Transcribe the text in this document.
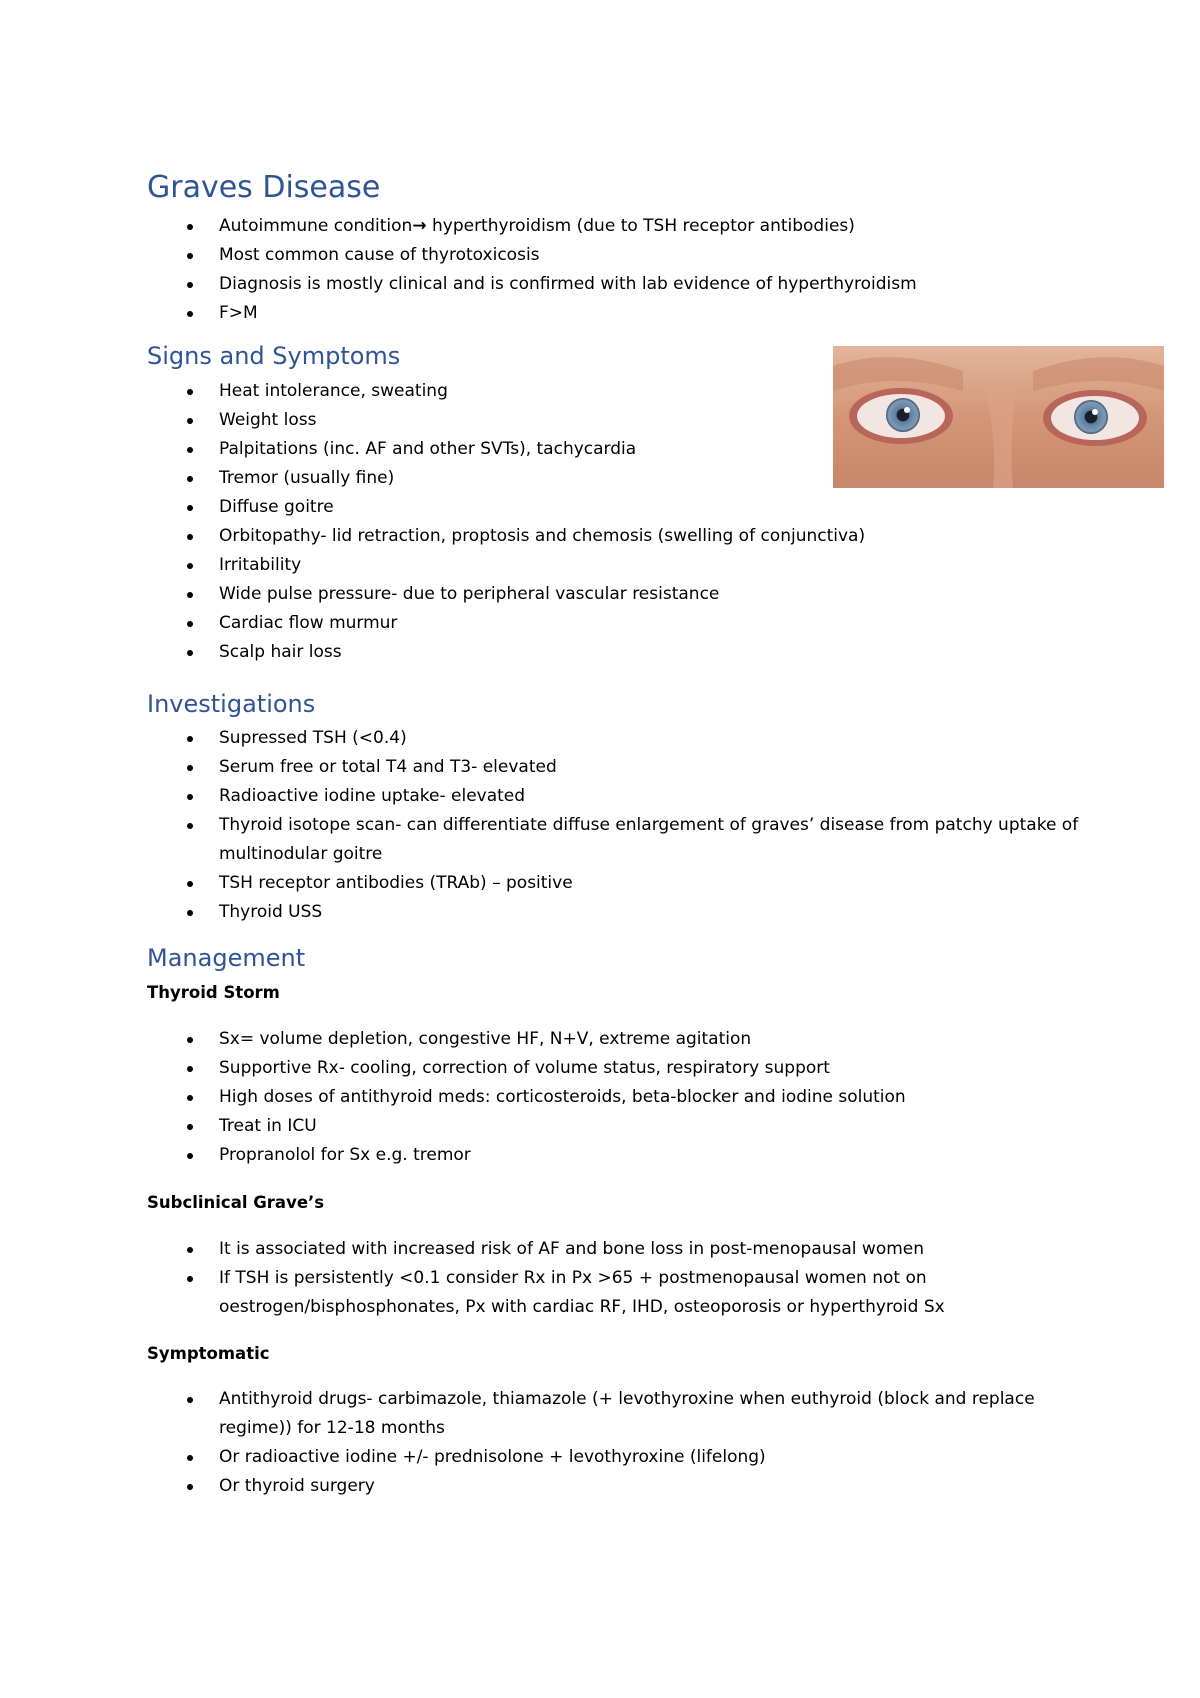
Graves Disease
Autoimmune condition→ hyperthyroidism (due to TSH receptor antibodies)
Most common cause of thyrotoxicosis
Diagnosis is mostly clinical and is confirmed with lab evidence of hyperthyroidism
F>M
Signs and Symptoms
Heat intolerance, sweating
Weight loss
Palpitations (inc. AF and other SVTs), tachycardia
Tremor (usually fine)
Diffuse goitre
Orbitopathy- lid retraction, proptosis and chemosis (swelling of conjunctiva)
Irritability
Wide pulse pressure- due to peripheral vascular resistance
Cardiac flow murmur
Scalp hair loss
Investigations
Supressed TSH (<0.4)
Serum free or total T4 and T3- elevated
Radioactive iodine uptake- elevated
Thyroid isotope scan- can differentiate diffuse enlargement of graves’ disease from patchy uptake of multinodular goitre
TSH receptor antibodies (TRAb) – positive
Thyroid USS
Management
Thyroid Storm
Sx= volume depletion, congestive HF, N+V, extreme agitation
Supportive Rx- cooling, correction of volume status, respiratory support
High doses of antithyroid meds: corticosteroids, beta-blocker and iodine solution
Treat in ICU
Propranolol for Sx e.g. tremor
Subclinical Grave’s
It is associated with increased risk of AF and bone loss in post-menopausal women
If TSH is persistently <0.1 consider Rx in Px >65 + postmenopausal women not on oestrogen/bisphosphonates, Px with cardiac RF, IHD, osteoporosis or hyperthyroid Sx
Symptomatic
Antithyroid drugs- carbimazole, thiamazole (+ levothyroxine when euthyroid (block and replace regime)) for 12-18 months
Or radioactive iodine +/- prednisolone + levothyroxine (lifelong)
Or thyroid surgery
